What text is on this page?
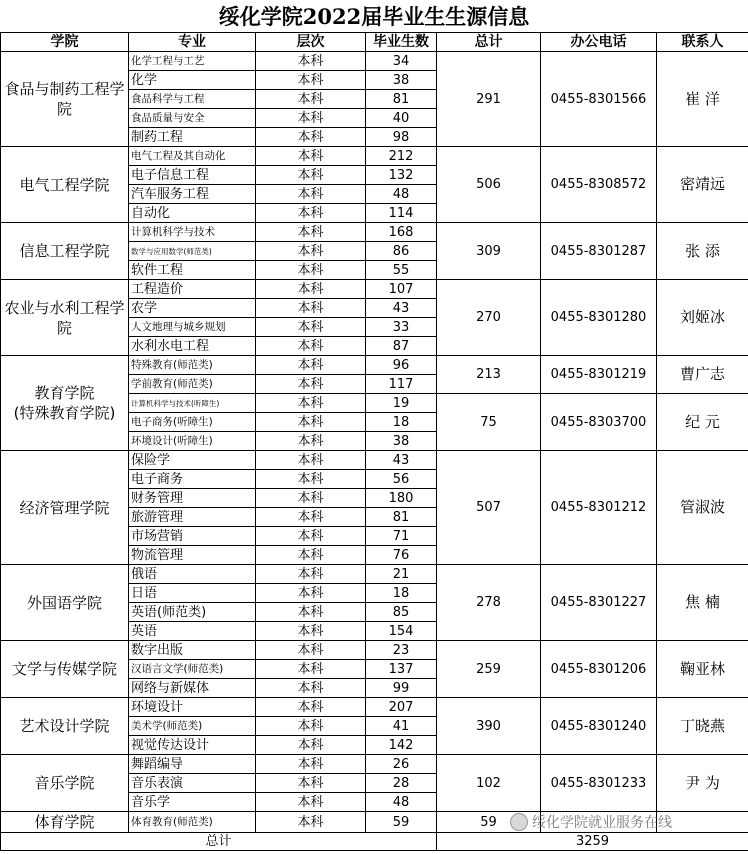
绥化学院2022届毕业生生源信息
学院	专业	层次	毕业生数	总计	办公电话	联系人
食品与制药工程学院	化学工程与工艺	本科	34	291	0455-8301566	崔 洋
	化学	本科	38			
	食品科学与工程	本科	81			
	食品质量与安全	本科	40			
	制药工程	本科	98			
电气工程学院	电气工程及其自动化	本科	212	506	0455-8308572	密靖远
	电子信息工程	本科	132			
	汽车服务工程	本科	48			
	自动化	本科	114			
信息工程学院	计算机科学与技术	本科	168	309	0455-8301287	张 添
	数学与应用数学(师范类)	本科	86			
	软件工程	本科	55			
农业与水利工程学院	工程造价	本科	107	270	0455-8301280	刘姬冰
	农学	本科	43			
	人文地理与城乡规划	本科	33			
	水利水电工程	本科	87			

教育学院
(特殊教育学院)	特殊教育(师范类)	本科	96	213	0455-8301219	曹广志
	学前教育(师范类)	本科	117			
	计算机科学与技术(听障生)	本科	19	75	0455-8303700	纪 元
	电子商务(听障生)	本科	18			
	环境设计(听障生)	本科	38			
经济管理学院	保险学	本科	43	507	0455-8301212	管淑波
	电子商务	本科	56			
	财务管理	本科	180			
	旅游管理	本科	81			
	市场营销	本科	71			
	物流管理	本科	76			
外国语学院	俄语	本科	21	278	0455-8301227	焦 楠
	日语	本科	18			
	英语(师范类)	本科	85			
	英语	本科	154			
文学与传媒学院	数字出版	本科	23	259	0455-8301206	鞠亚林
	汉语言文学(师范类)	本科	137			
	网络与新媒体	本科	99			
艺术设计学院	环境设计	本科	207	390	0455-8301240	丁晓燕
	美术学(师范类)	本科	41			
	视觉传达设计	本科	142			
音乐学院	舞蹈编导	本科	26	102	0455-8301233	尹 为
	音乐表演	本科	28			
	音乐学	本科	48			
体育学院	体育教育(师范类)	本科	59	59		
总计				3259		
绥化学院就业服务在线
